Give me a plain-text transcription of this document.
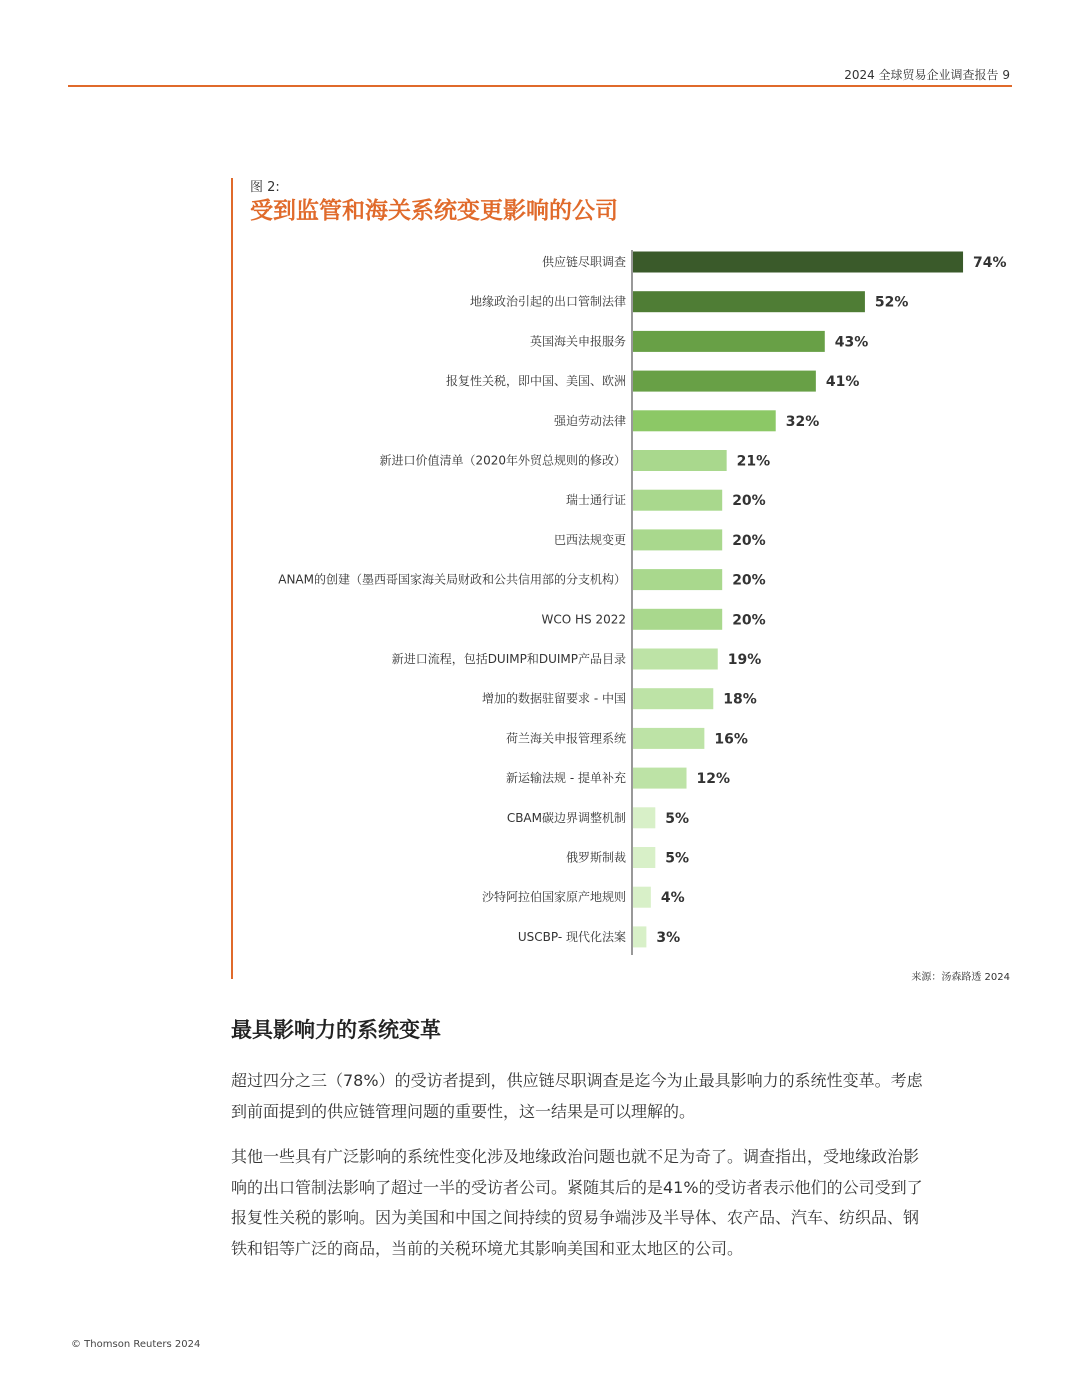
2024 全球贸易企业调查报告 9
图 2:
受到监管和海关系统变更影响的公司
供应链尽职调查	74%
地缘政治引起的出口管制法律	52%
英国海关申报服务	43%
报复性关税，即中国、美国、欧洲	41%
强迫劳动法律	32%
新进口价值清单（2020年外贸总规则的修改）	21%
瑞士通行证	20%
巴西法规变更	20%
ANAM的创建（墨西哥国家海关局财政和公共信用部的分支机构）	20%
WCO HS 2022	20%
新进口流程，包括DUIMP和DUIMP产品目录	19%
增加的数据驻留要求 - 中国	18%
荷兰海关申报管理系统	16%
新运输法规 - 提单补充	12%
CBAM碳边界调整机制	5%
俄罗斯制裁	5%
沙特阿拉伯国家原产地规则 4%
USCBP- 现代化法案 3%
来源：汤森路透 2024
最具影响力的系统变革

超过四分之三（78%）的受访者提到，供应链尽职调查是迄今为止最具影响力的系统性变革。考虑到前面提到的供应链管理问题的重要性，这一结果是可以理解的。

其他一些具有广泛影响的系统性变化涉及地缘政治问题也就不足为奇了。调查指出，受地缘政治影响的出口管制法影响了超过一半的受访者公司。紧随其后的是41%的受访者表示他们的公司受到了报复性关税的影响。因为美国和中国之间持续的贸易争端涉及半导体、农产品、汽车、纺织品、钢铁和铝等广泛的商品，当前的关税环境尤其影响美国和亚太地区的公司。

© Thomson Reuters 2024
